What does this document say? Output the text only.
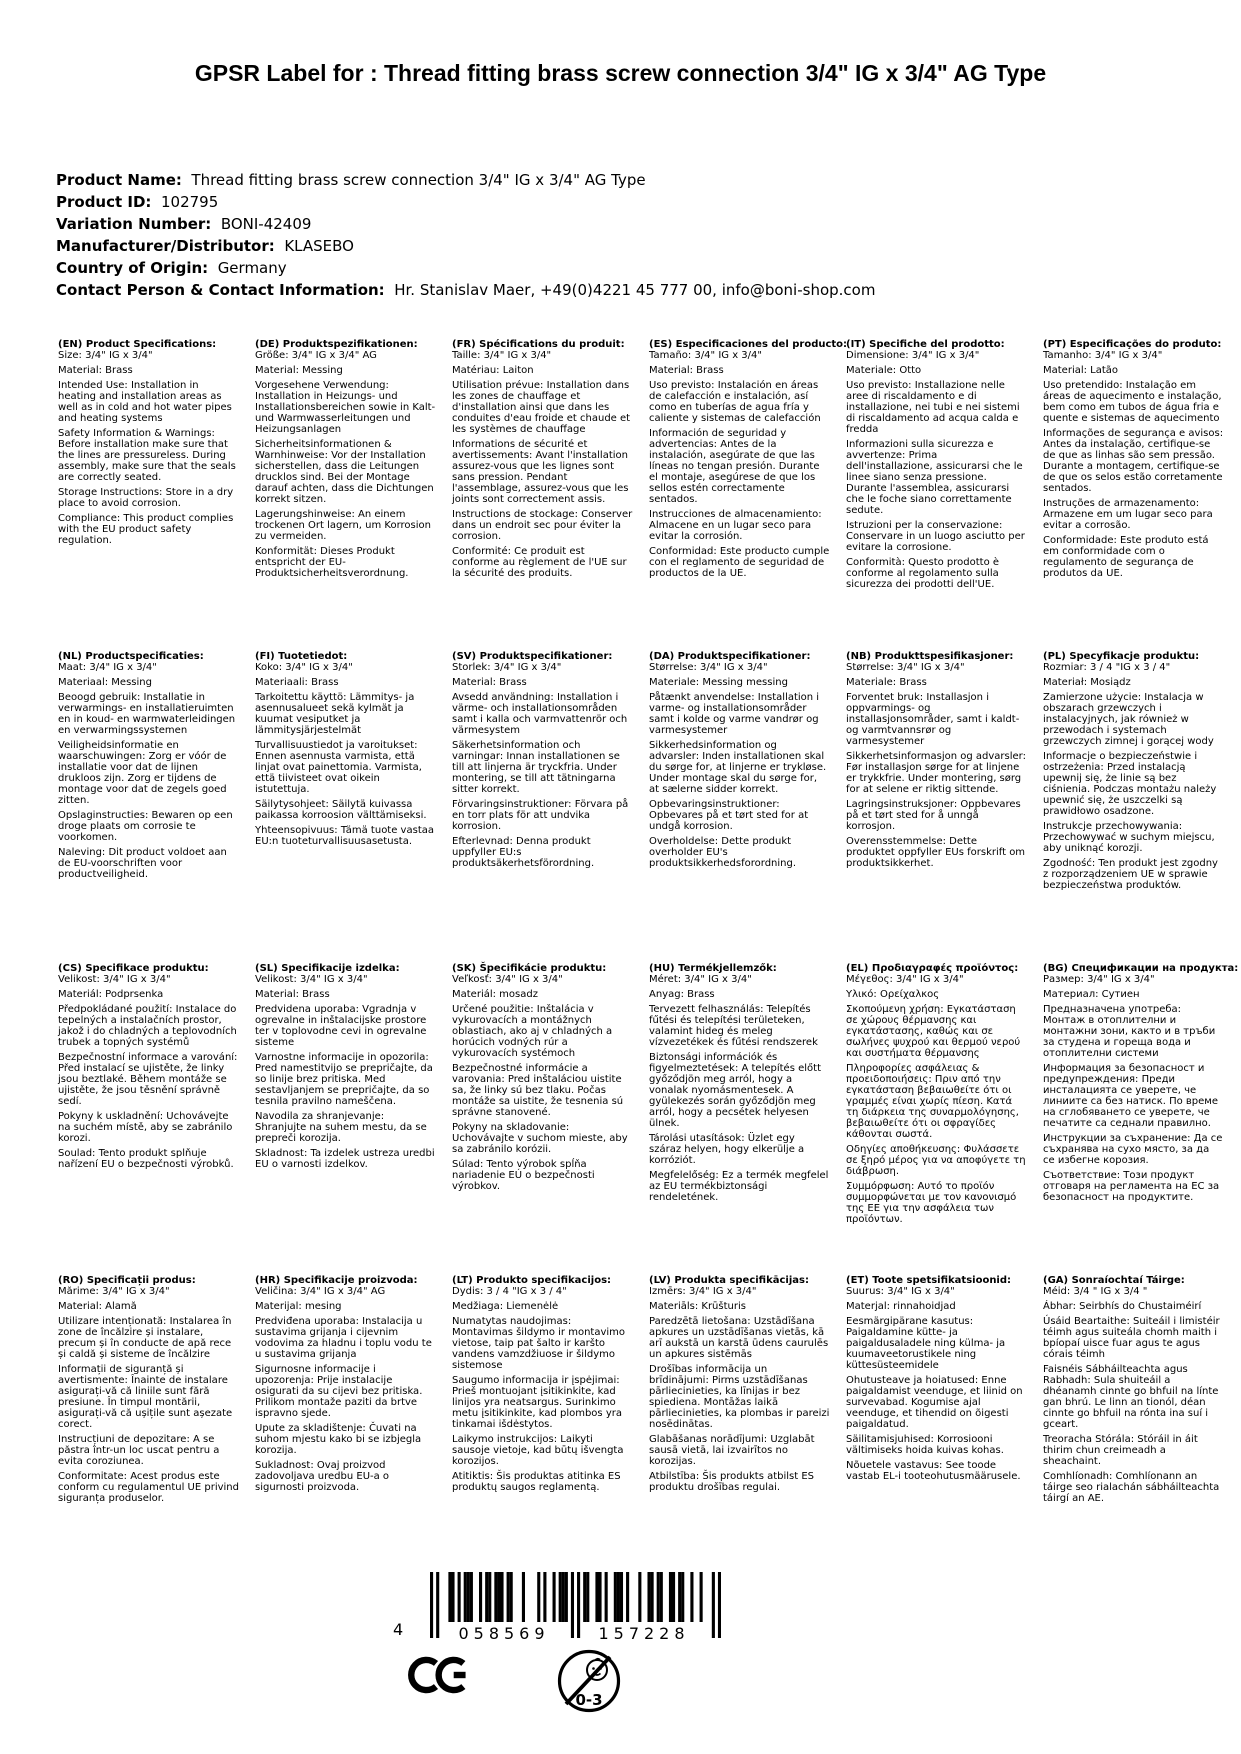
GPSR Label for : Thread fitting brass screw connection 3/4" IG x 3/4" AG Type
Product Name: Thread fitting brass screw connection 3/4" IG x 3/4" AG Type
Product ID: 102795
Variation Number: BONI-42409
Manufacturer/Distributor: KLASEBO
Country of Origin: Germany
Contact Person & Contact Information: Hr. Stanislav Maer, +49(0)4221 45 777 00, info@boni-shop.com
(EN) Product Specifications:

Size: 3/4" IG x 3/4"

Material: Brass

Intended Use: Installation in heating and installation areas as well as in cold and hot water pipes and heating systems

Safety Information & Warnings: Before installation make sure that the lines are pressureless. During assembly, make sure that the seals are correctly seated.

Storage Instructions: Store in a dry place to avoid corrosion.

Compliance: This product complies with the EU product safety regulation.

(DE) Produktspezifikationen:

Größe: 3/4" IG x 3/4" AG

Material: Messing

Vorgesehene Verwendung: Installation in Heizungs- und Installationsbereichen sowie in Kalt- und Warmwasserleitungen und Heizungsanlagen

Sicherheitsinformationen & Warnhinweise: Vor der Installation sicherstellen, dass die Leitungen drucklos sind. Bei der Montage darauf achten, dass die Dichtungen korrekt sitzen.

Lagerungshinweise: An einem trockenen Ort lagern, um Korrosion zu vermeiden.

Konformität: Dieses Produkt entspricht der EU-Produktsicherheitsverordnung.

(FR) Spécifications du produit:

Taille: 3/4" IG x 3/4"

Matériau: Laiton

Utilisation prévue: Installation dans les zones de chauffage et d'installation ainsi que dans les conduites d'eau froide et chaude et les systèmes de chauffage

Informations de sécurité et avertissements: Avant l'installation assurez-vous que les lignes sont sans pression. Pendant l'assemblage, assurez-vous que les joints sont correctement assis.

Instructions de stockage: Conserver dans un endroit sec pour éviter la corrosion.

Conformité: Ce produit est conforme au règlement de l'UE sur la sécurité des produits.

(ES) Especificaciones del producto:

Tamaño: 3/4" IG x 3/4"

Material: Brass

Uso previsto: Instalación en áreas de calefacción e instalación, así como en tuberías de agua fría y caliente y sistemas de calefacción

Información de seguridad y advertencias: Antes de la instalación, asegúrate de que las líneas no tengan presión. Durante el montaje, asegúrese de que los sellos estén correctamente sentados.

Instrucciones de almacenamiento: Almacene en un lugar seco para evitar la corrosión.

Conformidad: Este producto cumple con el reglamento de seguridad de productos de la UE.

(IT) Specifiche del prodotto:

Dimensione: 3/4" IG x 3/4"

Materiale: Otto

Uso previsto: Installazione nelle aree di riscaldamento e di installazione, nei tubi e nei sistemi di riscaldamento ad acqua calda e fredda

Informazioni sulla sicurezza e avvertenze: Prima dell'installazione, assicurarsi che le linee siano senza pressione. Durante l'assemblea, assicurarsi che le foche siano correttamente sedute.

Istruzioni per la conservazione: Conservare in un luogo asciutto per evitare la corrosione.

Conformità: Questo prodotto è conforme al regolamento sulla sicurezza dei prodotti dell'UE.

(PT) Especificações do produto:

Tamanho: 3/4" IG x 3/4"

Material: Latão

Uso pretendido: Instalação em áreas de aquecimento e instalação, bem como em tubos de água fria e quente e sistemas de aquecimento

Informações de segurança e avisos: Antes da instalação, certifique-se de que as linhas são sem pressão. Durante a montagem, certifique-se de que os selos estão corretamente sentados.

Instruções de armazenamento: Armazene em um lugar seco para evitar a corrosão.

Conformidade: Este produto está em conformidade com o regulamento de segurança de produtos da UE.

(NL) Productspecificaties:

Maat: 3/4" IG x 3/4"

Materiaal: Messing

Beoogd gebruik: Installatie in verwarmings- en installatieruimten en in koud- en warmwaterleidingen en verwarmingssystemen

Veiligheidsinformatie en waarschuwingen: Zorg er vóór de installatie voor dat de lijnen drukloos zijn. Zorg er tijdens de montage voor dat de zegels goed zitten.

Opslaginstructies: Bewaren op een droge plaats om corrosie te voorkomen.

Naleving: Dit product voldoet aan de EU-voorschriften voor productveiligheid.

(FI) Tuotetiedot:

Koko: 3/4" IG x 3/4"

Materiaali: Brass

Tarkoitettu käyttö: Lämmitys- ja asennusalueet sekä kylmät ja kuumat vesiputket ja lämmitysjärjestelmät

Turvallisuustiedot ja varoitukset: Ennen asennusta varmista, että linjat ovat painettomia. Varmista, että tiivisteet ovat oikein istutettuja.

Säilytysohjeet: Säilytä kuivassa paikassa korroosion välttämiseksi.

Yhteensopivuus: Tämä tuote vastaa EU:n tuoteturvallisuusasetusta.

(SV) Produktspecifikationer:

Storlek: 3/4" IG x 3/4"

Material: Brass

Avsedd användning: Installation i värme- och installationsområden samt i kalla och varmvattenrör och värmesystem

Säkerhetsinformation och varningar: Innan installationen se till att linjerna är tryckfria. Under montering, se till att tätningarna sitter korrekt.

Förvaringsinstruktioner: Förvara på en torr plats för att undvika korrosion.

Efterlevnad: Denna produkt uppfyller EU:s produktsäkerhetsförordning.

(DA) Produktspecifikationer:

Størrelse: 3/4" IG x 3/4"

Materiale: Messing messing

Påtænkt anvendelse: Installation i varme- og installationsområder samt i kolde og varme vandrør og varmesystemer

Sikkerhedsinformation og advarsler: Inden installationen skal du sørge for, at linjerne er trykløse. Under montage skal du sørge for, at sælerne sidder korrekt.

Opbevaringsinstruktioner: Opbevares på et tørt sted for at undgå korrosion.

Overholdelse: Dette produkt overholder EU's produktsikkerhedsforordning.

(NB) Produkttspesifikasjoner:

Størrelse: 3/4" IG x 3/4"

Materiale: Brass

Forventet bruk: Installasjon i oppvarmings- og installasjonsområder, samt i kaldt- og varmtvannsrør og varmesystemer

Sikkerhetsinformasjon og advarsler: Før installasjon sørge for at linjene er trykkfrie. Under montering, sørg for at selene er riktig sittende.

Lagringsinstruksjoner: Oppbevares på et tørt sted for å unngå korrosjon.

Overensstemmelse: Dette produktet oppfyller EUs forskrift om produktsikkerhet.

(PL) Specyfikacje produktu:

Rozmiar: 3 / 4 "IG x 3 / 4"

Materiał: Mosiądz

Zamierzone użycie: Instalacja w obszarach grzewczych i instalacyjnych, jak również w przewodach i systemach grzewczych zimnej i gorącej wody

Informacje o bezpieczeństwie i ostrzeżenia: Przed instalacją upewnij się, że linie są bez ciśnienia. Podczas montażu należy upewnić się, że uszczelki są prawidłowo osadzone.

Instrukcje przechowywania: Przechowywać w suchym miejscu, aby uniknąć korozji.

Zgodność: Ten produkt jest zgodny z rozporządzeniem UE w sprawie bezpieczeństwa produktów.

(CS) Specifikace produktu:

Velikost: 3/4" IG x 3/4"

Materiál: Podprsenka

Předpokládané použití: Instalace do tepelných a instalačních prostor, jakož i do chladných a teplovodních trubek a topných systémů

Bezpečnostní informace a varování: Před instalací se ujistěte, že linky jsou beztlaké. Během montáže se ujistěte, že jsou těsnění správně sedí.

Pokyny k uskladnění: Uchovávejte na suchém místě, aby se zabránilo korozi.

Soulad: Tento produkt splňuje nařízení EU o bezpečnosti výrobků.

(SL) Specifikacije izdelka:

Velikost: 3/4" IG x 3/4"

Material: Brass

Predvidena uporaba: Vgradnja v ogrevalne in inštalacijske prostore ter v toplovodne cevi in ogrevalne sisteme

Varnostne informacije in opozorila: Pred namestitvijo se prepričajte, da so linije brez pritiska. Med sestavljanjem se prepričajte, da so tesnila pravilno nameščena.

Navodila za shranjevanje: Shranjujte na suhem mestu, da se prepreči korozija.

Skladnost: Ta izdelek ustreza uredbi EU o varnosti izdelkov.

(SK) Špecifikácie produktu:

Veľkosť: 3/4" IG x 3/4"

Materiál: mosadz

Určené použitie: Inštalácia v vykurovacích a montážnych oblastiach, ako aj v chladných a horúcich vodných rúr a vykurovacích systémoch

Bezpečnostné informácie a varovania: Pred inštaláciou uistite sa, že linky sú bez tlaku. Počas montáže sa uistite, že tesnenia sú správne stanovené.

Pokyny na skladovanie: Uchovávajte v suchom mieste, aby sa zabránilo korózii.

Súlad: Tento výrobok spĺňa nariadenie EÚ o bezpečnosti výrobkov.

(HU) Termékjellemzők:

Méret: 3/4" IG x 3/4"

Anyag: Brass

Tervezett felhasználás: Telepítés fűtési és telepítési területeken, valamint hideg és meleg vízvezetékek és fűtési rendszerek

Biztonsági információk és figyelmeztetések: A telepítés előtt győződjön meg arról, hogy a vonalak nyomásmentesek. A gyülekezés során győződjön meg arról, hogy a pecsétek helyesen ülnek.

Tárolási utasítások: Üzlet egy száraz helyen, hogy elkerülje a korróziót.

Megfelelőség: Ez a termék megfelel az EU termékbiztonsági rendeletének.

(EL) Προδιαγραφές προϊόντος:

Μέγεθος: 3/4" IG x 3/4"

Υλικό: Ορείχαλκος

Σκοπούμενη χρήση: Εγκατάσταση σε χώρους θέρμανσης και εγκατάστασης, καθώς και σε σωλήνες ψυχρού και θερμού νερού και συστήματα θέρμανσης

Πληροφορίες ασφάλειας & προειδοποιήσεις: Πριν από την εγκατάσταση βεβαιωθείτε ότι οι γραμμές είναι χωρίς πίεση. Κατά τη διάρκεια της συναρμολόγησης, βεβαιωθείτε ότι οι σφραγίδες κάθονται σωστά.

Οδηγίες αποθήκευσης: Φυλάσσετε σε ξηρό μέρος για να αποφύγετε τη διάβρωση.

Συμμόρφωση: Αυτό το προϊόν συμμορφώνεται με τον κανονισμό της ΕΕ για την ασφάλεια των προϊόντων.

(BG) Спецификации на продукта:

Размер: 3/4" IG x 3/4"

Материал: Сутиен

Предназначена употреба: Монтаж в отоплителни и монтажни зони, както и в тръби за студена и гореща вода и отоплителни системи

Информация за безопасност и предупреждения: Преди инсталацията се уверете, че линиите са без натиск. По време на сглобяването се уверете, че печатите са седнали правилно.

Инструкции за съхранение: Да се съхранява на сухо място, за да се избегне корозия.

Съответствие: Този продукт отговаря на регламента на ЕС за безопасност на продуктите.

(RO) Specificații produs:

Mărime: 3/4" IG x 3/4"

Material: Alamă

Utilizare intenționată: Instalarea în zone de încălzire și instalare, precum și în conducte de apă rece și caldă și sisteme de încălzire

Informații de siguranță și avertismente: Înainte de instalare asigurați-vă că liniile sunt fără presiune. În timpul montării, asigurați-vă că ușițile sunt așezate corect.

Instrucțiuni de depozitare: A se păstra într-un loc uscat pentru a evita coroziunea.

Conformitate: Acest produs este conform cu regulamentul UE privind siguranța produselor.

(HR) Specifikacije proizvoda:

Veličina: 3/4" IG x 3/4" AG

Materijal: mesing

Predviđena uporaba: Instalacija u sustavima grijanja i cijevnim vodovima za hladnu i toplu vodu te u sustavima grijanja

Sigurnosne informacije i upozorenja: Prije instalacije osigurati da su cijevi bez pritiska. Prilikom montaže paziti da brtve ispravno sjede.

Upute za skladištenje: Čuvati na suhom mjestu kako bi se izbjegla korozija.

Sukladnost: Ovaj proizvod zadovoljava uredbu EU-a o sigurnosti proizvoda.

(LT) Produkto specifikacijos:

Dydis: 3 / 4 "IG x 3 / 4"

Medžiaga: Liemenėlė

Numatytas naudojimas: Montavimas šildymo ir montavimo vietose, taip pat šalto ir karšto vandens vamzdžiuose ir šildymo sistemose

Saugumo informacija ir įspėjimai: Prieš montuojant įsitikinkite, kad linijos yra neatsargus. Surinkimo metu įsitikinkite, kad plombos yra tinkamai išdėstytos.

Laikymo instrukcijos: Laikyti sausoje vietoje, kad būtų išvengta korozijos.

Atitiktis: Šis produktas atitinka ES produktų saugos reglamentą.

(LV) Produkta specifikācijas:

Izmērs: 3/4" IG x 3/4"

Materiāls: Krūšturis

Paredzētā lietošana: Uzstādīšana apkures un uzstādīšanas vietās, kā arī aukstā un karstā ūdens caurulēs un apkures sistēmās

Drošības informācija un brīdinājumi: Pirms uzstādīšanas pārliecinieties, ka līnijas ir bez spiediena. Montāžas laikā pārliecinieties, ka plombas ir pareizi nosēdinātas.

Glabāšanas norādījumi: Uzglabāt sausā vietā, lai izvairītos no korozijas.

Atbilstība: Šis produkts atbilst ES produktu drošības regulai.

(ET) Toote spetsifikatsioonid:

Suurus: 3/4" IG x 3/4"

Materjal: rinnahoidjad

Eesmärgipärane kasutus: Paigaldamine kütte- ja paigaldusaladele ning külma- ja kuumaveetorustikele ning küttesüsteemidele

Ohutusteave ja hoiatused: Enne paigaldamist veenduge, et liinid on survevabad. Kogumise ajal veenduge, et tihendid on õigesti paigaldatud.

Säilitamisjuhised: Korrosiooni vältimiseks hoida kuivas kohas.

Nõuetele vastavus: See toode vastab EL-i tooteohutusmäärusele.

(GA) Sonraíochtaí Táirge:

Méid: 3/4 " IG x 3/4 "

Ábhar: Seirbhís do Chustaiméirí

Úsáid Beartaithe: Suiteáil i limistéir téimh agus suiteála chomh maith i bpíopaí uisce fuar agus te agus córais téimh

Faisnéis Sábháilteachta agus Rabhadh: Sula shuiteáil a dhéanamh cinnte go bhfuil na línte gan bhrú. Le linn an tionól, déan cinnte go bhfuil na rónta ina suí i gceart.

Treoracha Stórála: Stóráil in áit thirim chun creimeadh a sheachaint.

Comhlíonadh: Comhlíonann an táirge seo rialachán sábháilteachta táirgí an AE.

4	058569	157228
0-3
